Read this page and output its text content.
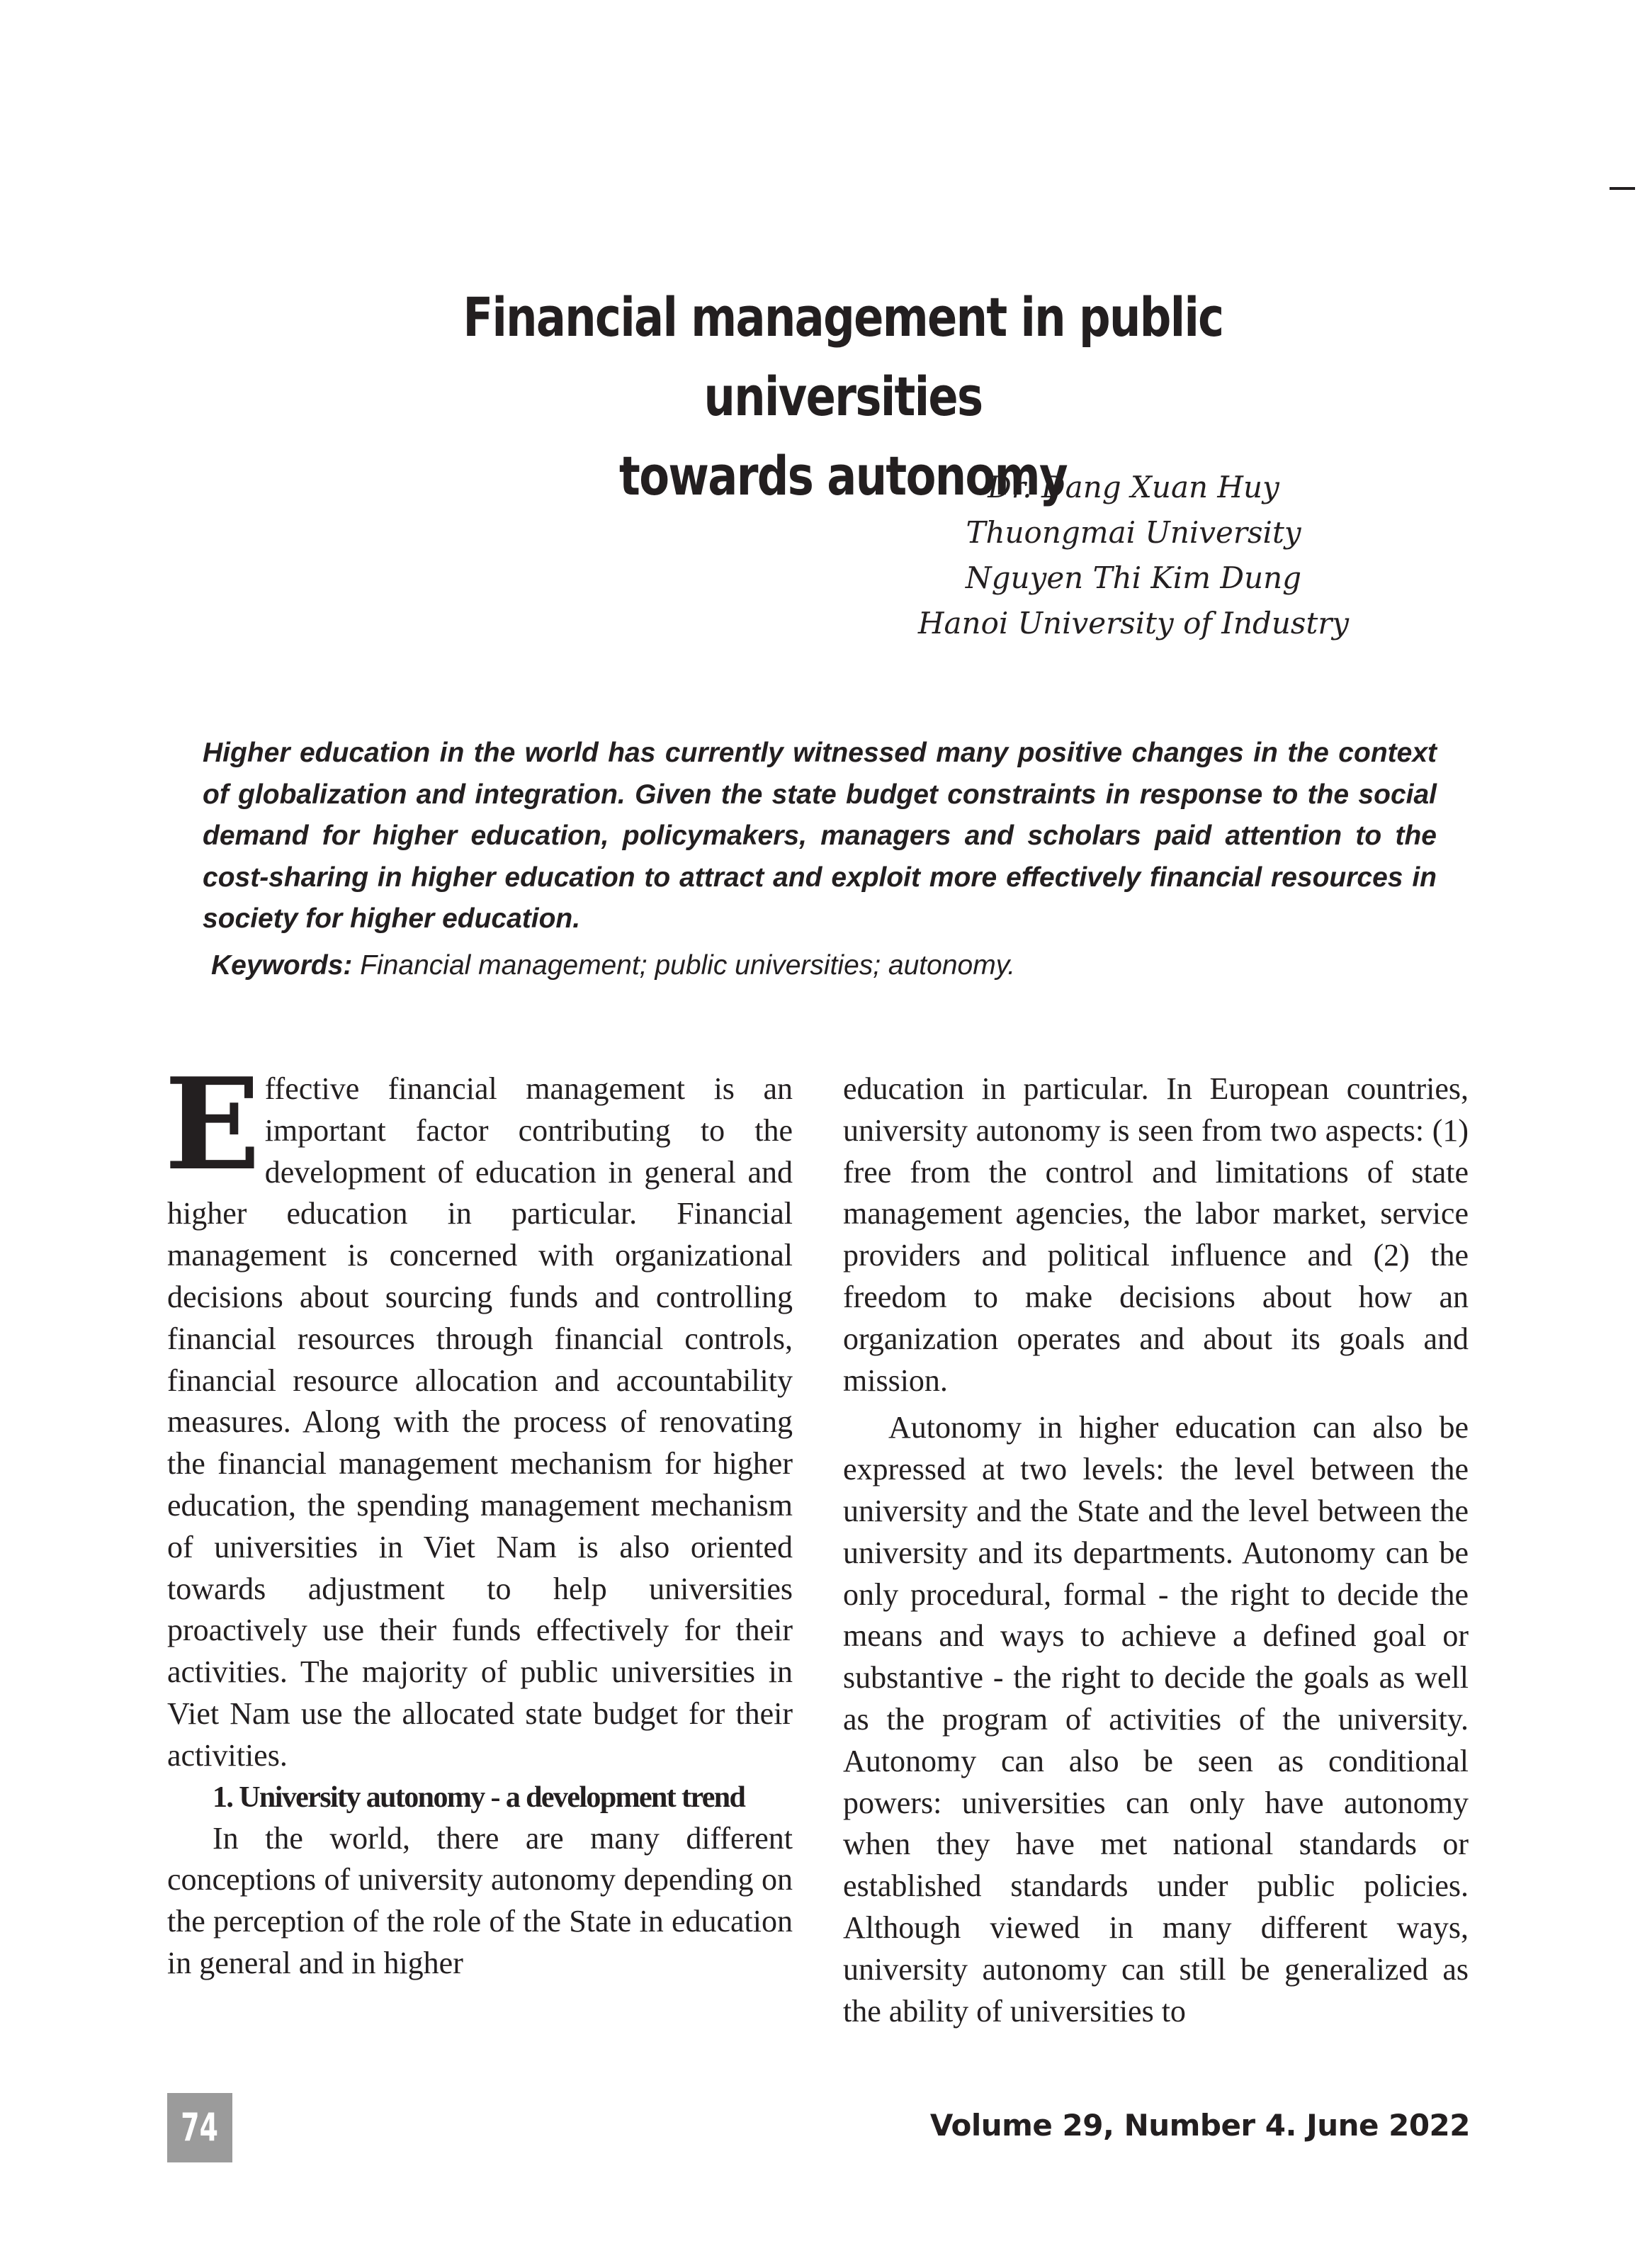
Financial management in public universities
towards autonomy
Dr. Dang Xuan Huy
Thuongmai University
Nguyen Thi Kim Dung
Hanoi University of Industry

Higher education in the world has currently witnessed many positive changes in the context of globalization and integration. Given the state budget constraints in response to the social demand for higher education, policymakers, managers and scholars paid attention to the cost-sharing in higher education to attract and exploit more effectively financial resources in society for higher education.

Keywords: Financial management; public universities; autonomy.

Effective financial management is an important factor contributing to the development of education in general and higher education in particular. Financial management is concerned with organizational decisions about sourcing funds and controlling financial resources through financial controls, financial resource allocation and accountability measures. Along with the process of renovating the financial management mechanism for higher education, the spending management mechanism of universities in Viet Nam is also oriented towards adjustment to help universities proactively use their funds effectively for their activities. The majority of public universities in Viet Nam use the allocated state budget for their activities.

1. University autonomy - a development trend

In the world, there are many different conceptions of university autonomy depending on the perception of the role of the State in education in general and in higher

education in particular. In European countries, university autonomy is seen from two aspects: (1) free from the control and limitations of state management agencies, the labor market, service providers and political influence and (2) the freedom to make decisions about how an organization operates and about its goals and mission.

Autonomy in higher education can also be expressed at two levels: the level between the university and the State and the level between the university and its departments. Autonomy can be only procedural, formal - the right to decide the means and ways to achieve a defined goal or substantive - the right to decide the goals as well as the program of activities of the university. Autonomy can also be seen as conditional powers: universities can only have autonomy when they have met national standards or established standards under public policies. Although viewed in many different ways, university autonomy can still be generalized as the ability of universities to

74	Volume 29, Number 4. June 2022
